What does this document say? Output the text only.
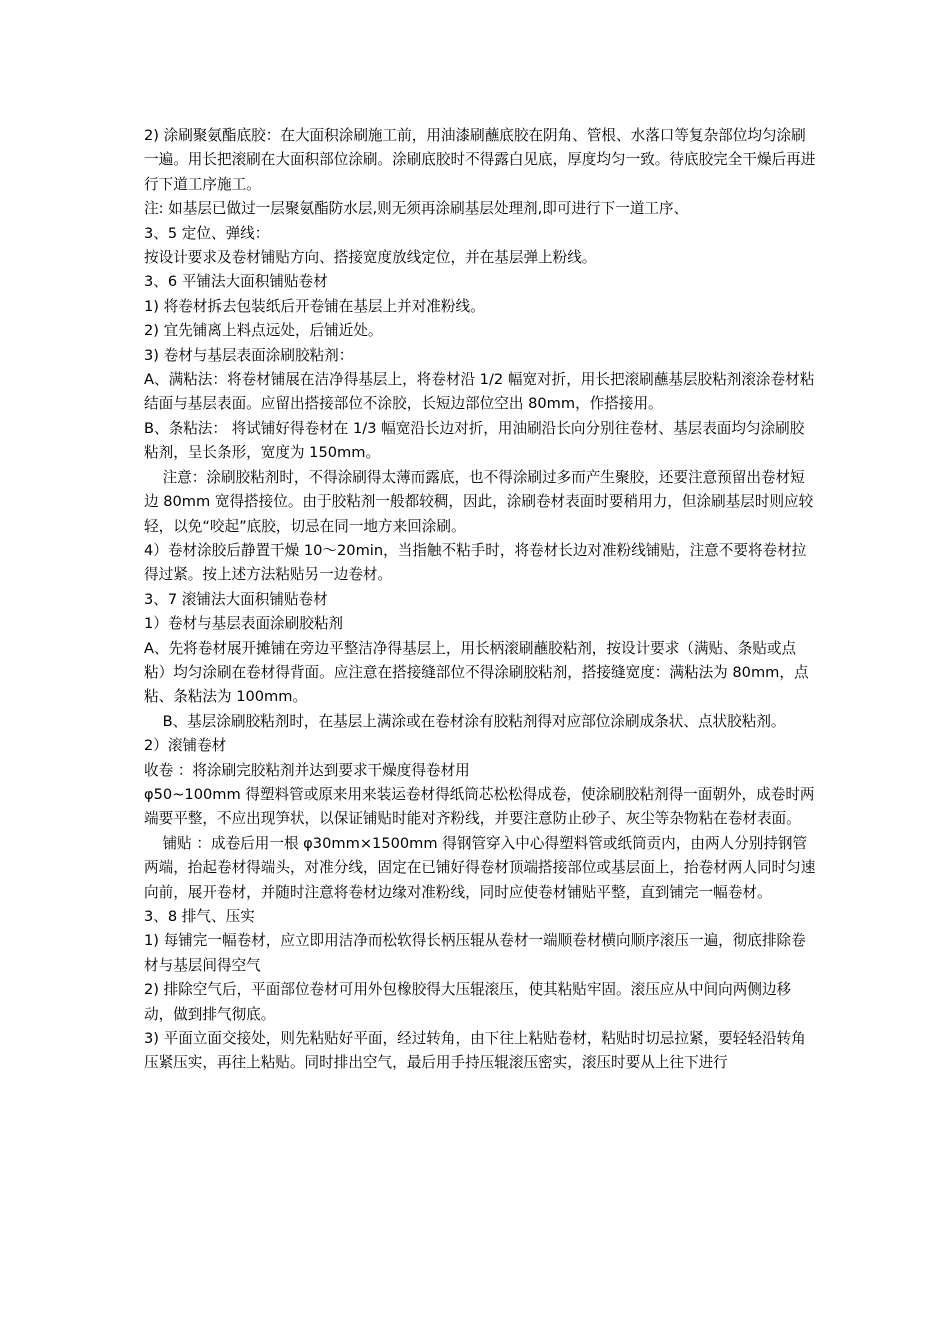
2) 涂刷聚氨酯底胶：在大面积涂刷施工前，用油漆刷蘸底胶在阴角、管根、水落口等复杂部位均匀涂刷一遍。用长把滚刷在大面积部位涂刷。涂刷底胶时不得露白见底，厚度均匀一致。待底胶完全干燥后再进行下道工序施工。

注: 如基层已做过一层聚氨酯防水层,则无须再涂刷基层处理剂,即可进行下一道工序、

3、5 定位、弹线：

按设计要求及卷材铺贴方向、搭接宽度放线定位，并在基层弹上粉线。

3、6 平铺法大面积铺贴卷材

1) 将卷材拆去包装纸后开卷铺在基层上并对准粉线。

2) 宜先铺离上料点远处，后铺近处。

3) 卷材与基层表面涂刷胶粘剂：

A、满粘法：将卷材铺展在洁净得基层上，将卷材沿 1/2 幅宽对折，用长把滚刷蘸基层胶粘剂滚涂卷材粘结面与基层表面。应留出搭接部位不涂胶，长短边部位空出 80mm，作搭接用。

B、条粘法： 将试铺好得卷材在 1/3 幅宽沿长边对折，用油刷沿长向分别往卷材、基层表面均匀涂刷胶粘剂，呈长条形，宽度为 150mm。

注意：涂刷胶粘剂时，不得涂刷得太薄而露底，也不得涂刷过多而产生聚胶，还要注意预留出卷材短边 80mm 宽得搭接位。由于胶粘剂一般都较稠，因此，涂刷卷材表面时要稍用力，但涂刷基层时则应较轻，以免“咬起”底胶，切忌在同一地方来回涂刷。

4）卷材涂胶后静置干燥 10～20min，当指触不粘手时，将卷材长边对准粉线铺贴，注意不要将卷材拉得过紧。按上述方法粘贴另一边卷材。

3、7 滚铺法大面积铺贴卷材

1）卷材与基层表面涂刷胶粘剂

A、先将卷材展开摊铺在旁边平整洁净得基层上，用长柄滚刷蘸胶粘剂，按设计要求（满贴、条贴或点粘）均匀涂刷在卷材得背面。应注意在搭接缝部位不得涂刷胶粘剂，搭接缝宽度：满粘法为 80mm，点粘、条粘法为 100mm。

B、基层涂刷胶粘剂时，在基层上满涂或在卷材涂有胶粘剂得对应部位涂刷成条状、点状胶粘剂。

2）滚铺卷材

收卷 ：将涂刷完胶粘剂并达到要求干燥度得卷材用

φ50~100mm 得塑料管或原来用来装运卷材得纸筒芯松松得成卷，使涂刷胶粘剂得一面朝外，成卷时两端要平整，不应出现笋状，以保证铺贴时能对齐粉线，并要注意防止砂子、灰尘等杂物粘在卷材表面。

铺贴 ：成卷后用一根 φ30mm×1500mm 得钢管穿入中心得塑料管或纸筒贡内，由两人分别持钢管两端，抬起卷材得端头，对准分线，固定在已铺好得卷材顶端搭接部位或基层面上，抬卷材两人同时匀速向前，展开卷材，并随时注意将卷材边缘对准粉线，同时应使卷材铺贴平整，直到铺完一幅卷材。

3、8 排气、压实

1) 每铺完一幅卷材，应立即用洁净而松软得长柄压辊从卷材一端顺卷材横向顺序滚压一遍，彻底排除卷材与基层间得空气

2) 排除空气后，平面部位卷材可用外包橡胶得大压辊滚压，使其粘贴牢固。滚压应从中间向两侧边移动，做到排气彻底。

3) 平面立面交接处，则先粘贴好平面，经过转角，由下往上粘贴卷材，粘贴时切忌拉紧，要轻轻沿转角压紧压实，再往上粘贴。同时排出空气，最后用手持压辊滚压密实，滚压时要从上往下进行
